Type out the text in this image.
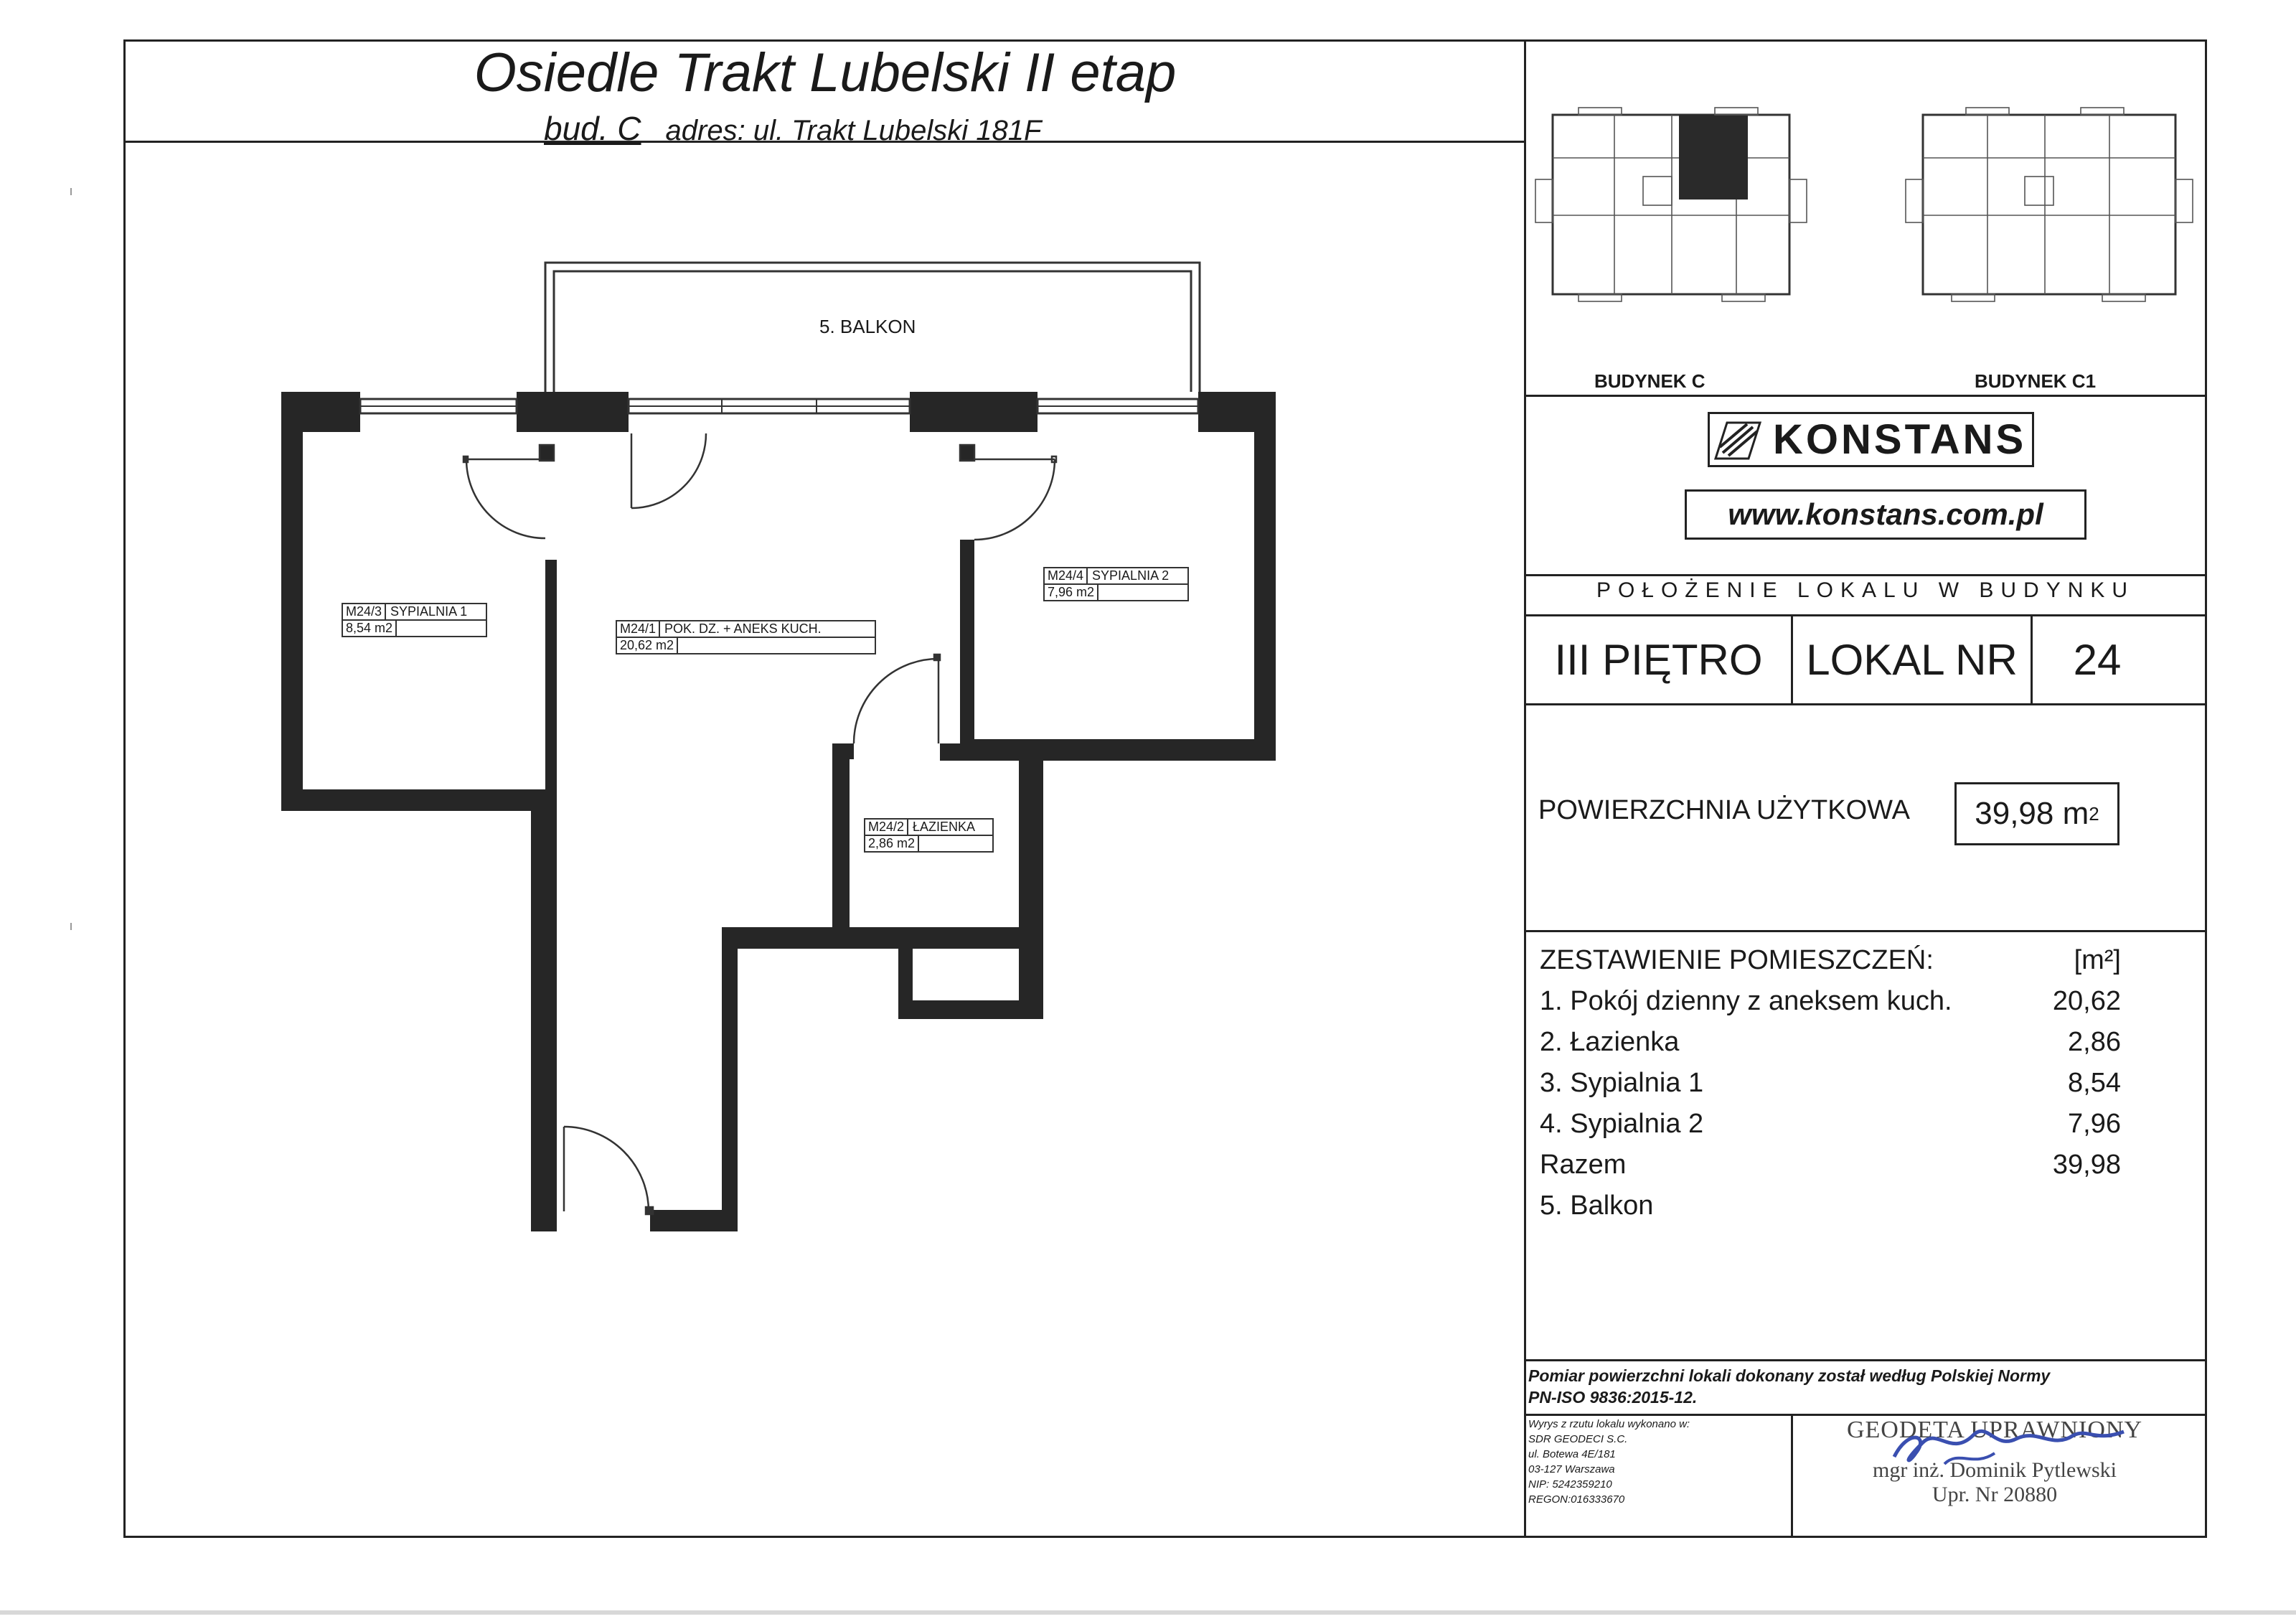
Osiedle Trakt Lubelski II etap
bud. C adres: ul. Trakt Lubelski 181F
5. BALKON
M24/3 SYPIALNIA 1
8,54 m2	M24/1 POK. DZ. + ANEKS KUCH.
20,62 m2
M24/4 SYPIALNIA 2
7,96 m2
M24/2 ŁAZIENKA
2,86 m2
BUDYNEK C	BUDYNEK C1
KONSTANS
www.konstans.com.pl
POŁOŻENIE LOKALU W BUDYNKU
III PIĘTRO	LOKAL NR	24
POWIERZCHNIA UŻYTKOWA 39,98 m 2
ZESTAWIENIE POMIESZCZEŃ:	[m²]
1. Pokój dzienny z aneksem kuch.	20,62
2. Łazienka	2,86
3. Sypialnia 1	8,54
4. Sypialnia 2	7,96
Razem	39,98
5. Balkon
Pomiar powierzchni lokali dokonany został według Polskiej Normy
PN-ISO 9836:2015-12.
Wyrys z rzutu lokalu wykonano w:
SDR GEODECI S.C.
ul. Botewa 4E/181
03-127 Warszawa
NIP: 5242359210
REGON:016333670
GEODETA UPRAWNIONY
mgr inż. Dominik Pytlewski
Upr. Nr 20880
